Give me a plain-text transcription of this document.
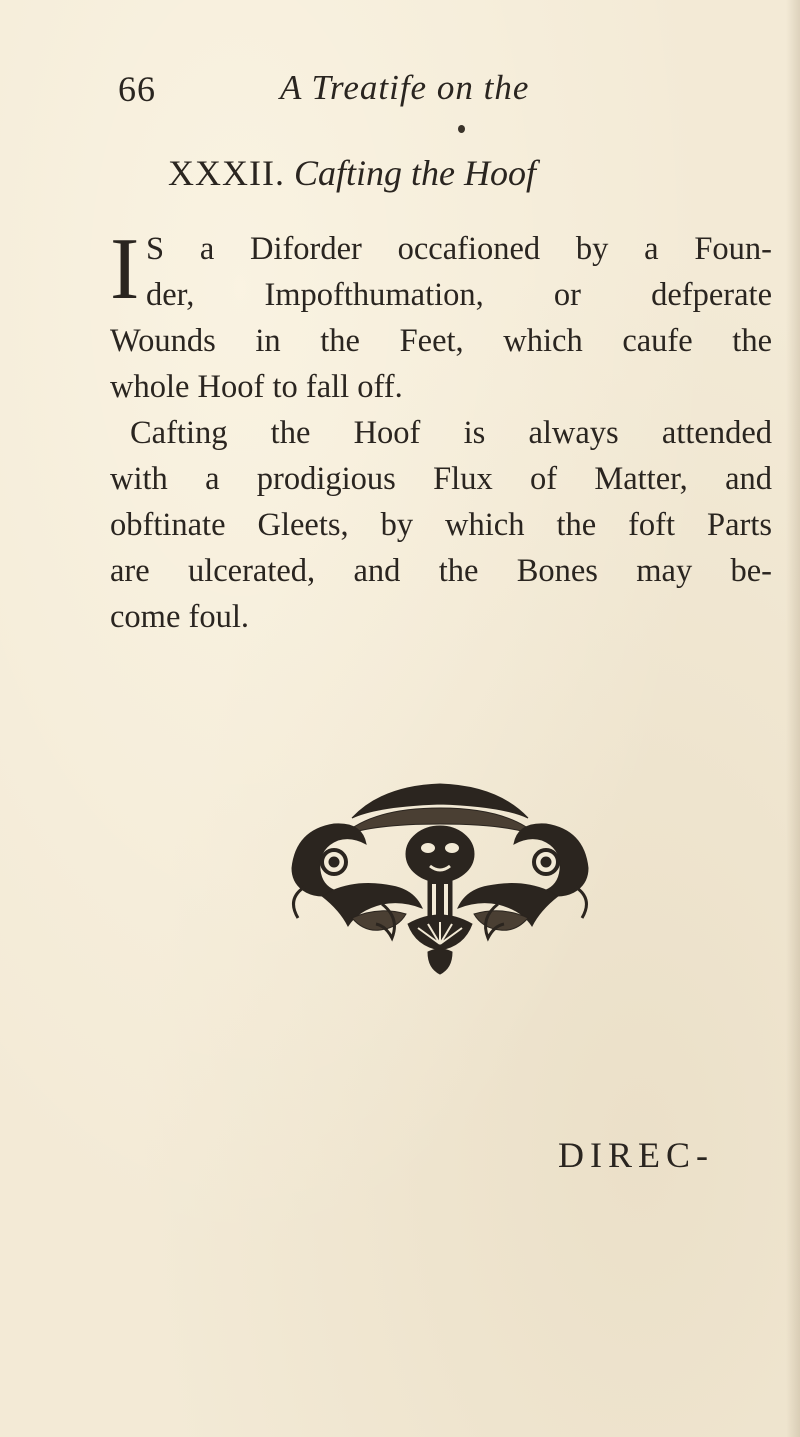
66	A Treatife on the
XXXII. Cafting the Hoof
I S a Diforder occafioned by a Foun-
der, Impofthumation, or defperate
Wounds in the Feet, which caufe the
whole Hoof to fall off.
Cafting the Hoof is always attended
with a prodigious Flux of Matter, and
obftinate Gleets, by which the foft Parts
are ulcerated, and the Bones may be-
come foul.
DIREC-
